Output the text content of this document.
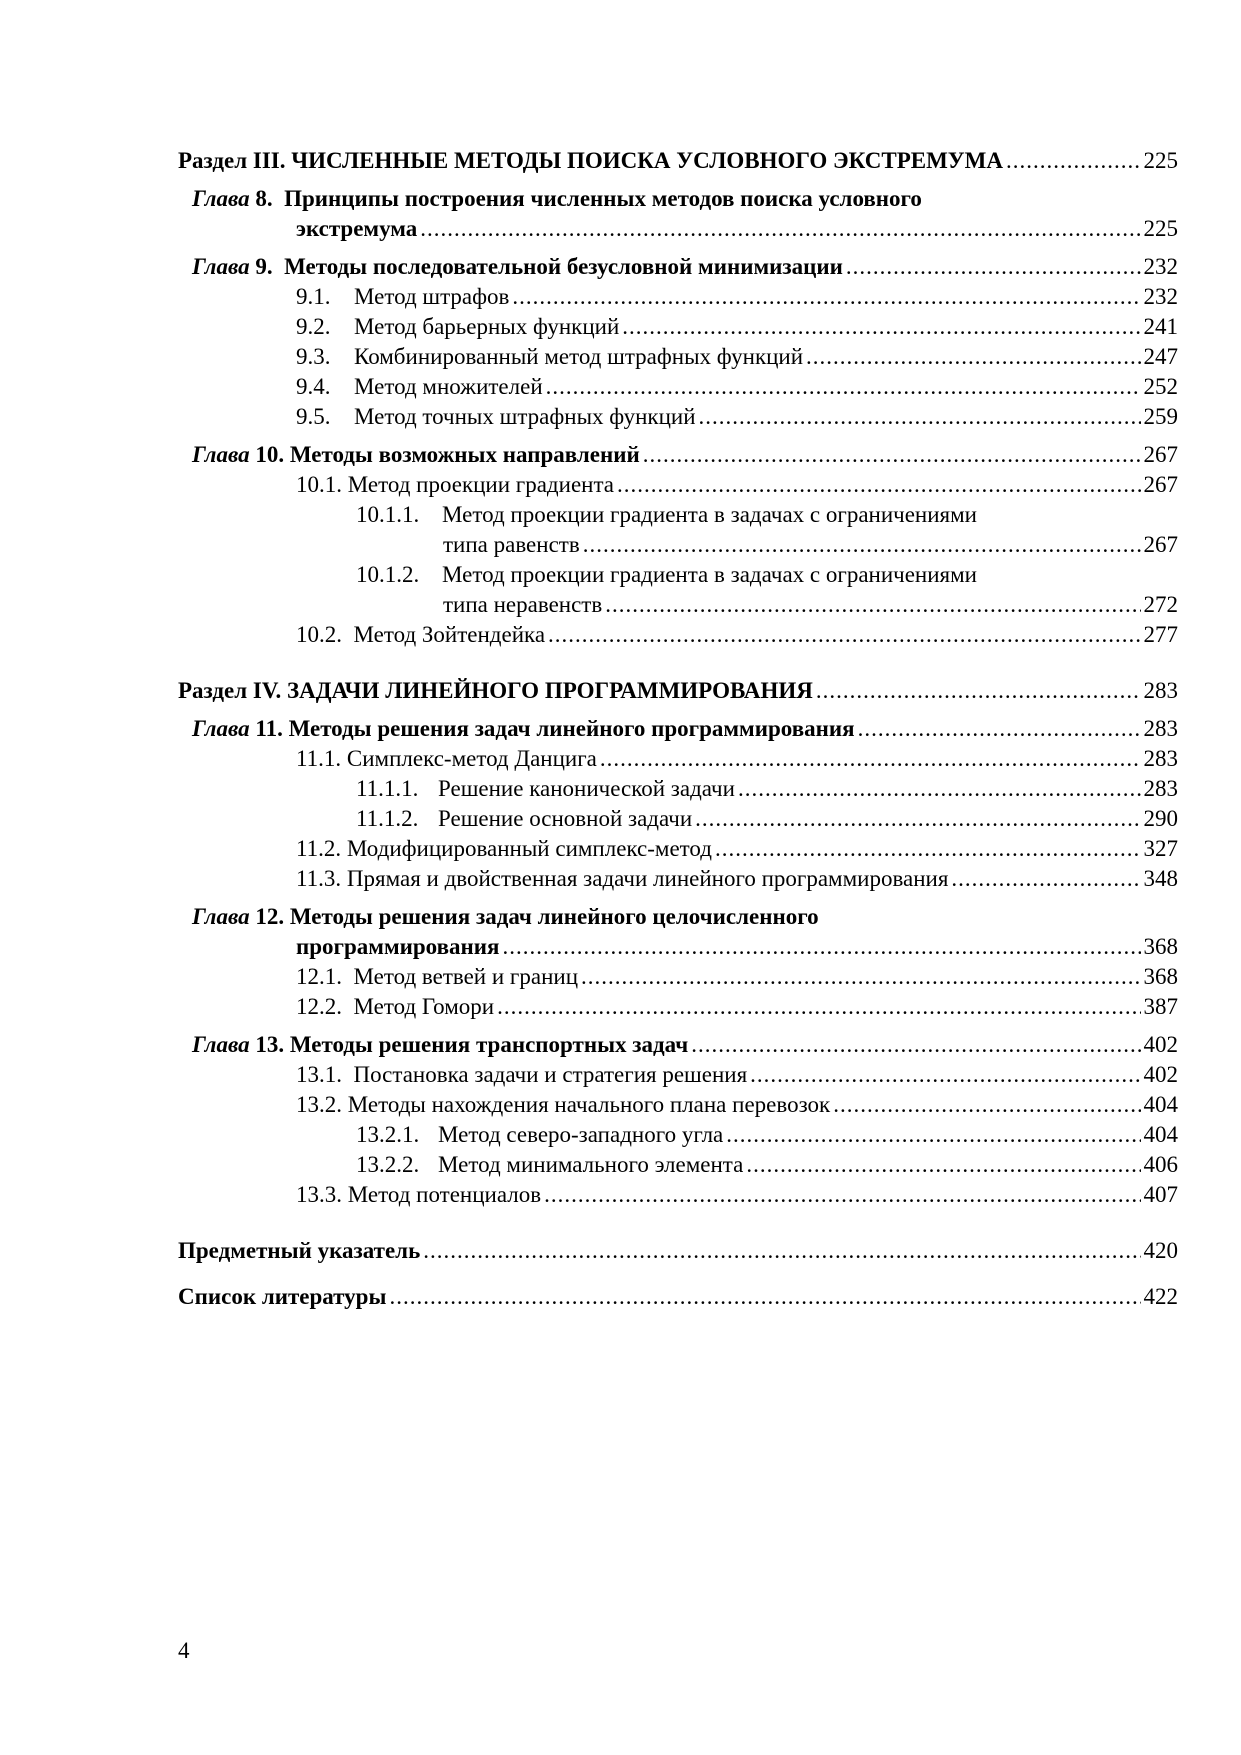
Раздел III. ЧИСЛЕННЫЕ МЕТОДЫ ПОИСКА УСЛОВНОГО ЭКСТРЕМУМА .....	225
Глава 8. Принципы построения численных методов поиска условного
экстремума .....	225
Глава 9. Методы последовательной безусловной минимизации .....	232
9.1. Метод штрафов .....	232
9.2. Метод барьерных функций .....	241
9.3. Комбинированный метод штрафных функций .....	247
9.4. Метод множителей .....	252
9.5. Метод точных штрафных функций .....	259
Глава 10. Методы возможных направлений .....	267
10.1. Метод проекции градиента .....	267
10.1.1. Метод проекции градиента в задачах с ограничениями
типа равенств .....	267
10.1.2. Метод проекции градиента в задачах с ограничениями
типа неравенств .....	272
10.2. Метод Зойтендейка .....	277
Раздел IV. ЗАДАЧИ ЛИНЕЙНОГО ПРОГРАММИРОВАНИЯ .....	283
Глава 11. Методы решения задач линейного программирования .....	283
11.1. Симплекс-метод Данцига .....	283
11.1.1. Решение канонической задачи .....	283
11.1.2. Решение основной задачи .....	290
11.2. Модифицированный симплекс-метод .....	327
11.3. Прямая и двойственная задачи линейного программирования .....	348
Глава 12. Методы решения задач линейного целочисленного
программирования .....	368
12.1. Метод ветвей и границ .....	368
12.2. Метод Гомори .....	387
Глава 13. Методы решения транспортных задач .....	402
13.1. Постановка задачи и стратегия решения .....	402
13.2. Методы нахождения начального плана перевозок .....	404
13.2.1. Метод северо-западного угла .....	404
13.2.2. Метод минимального элемента .....	406
13.3. Метод потенциалов .....	407
Предметный указатель .....	420
Список литературы .....	422
4
